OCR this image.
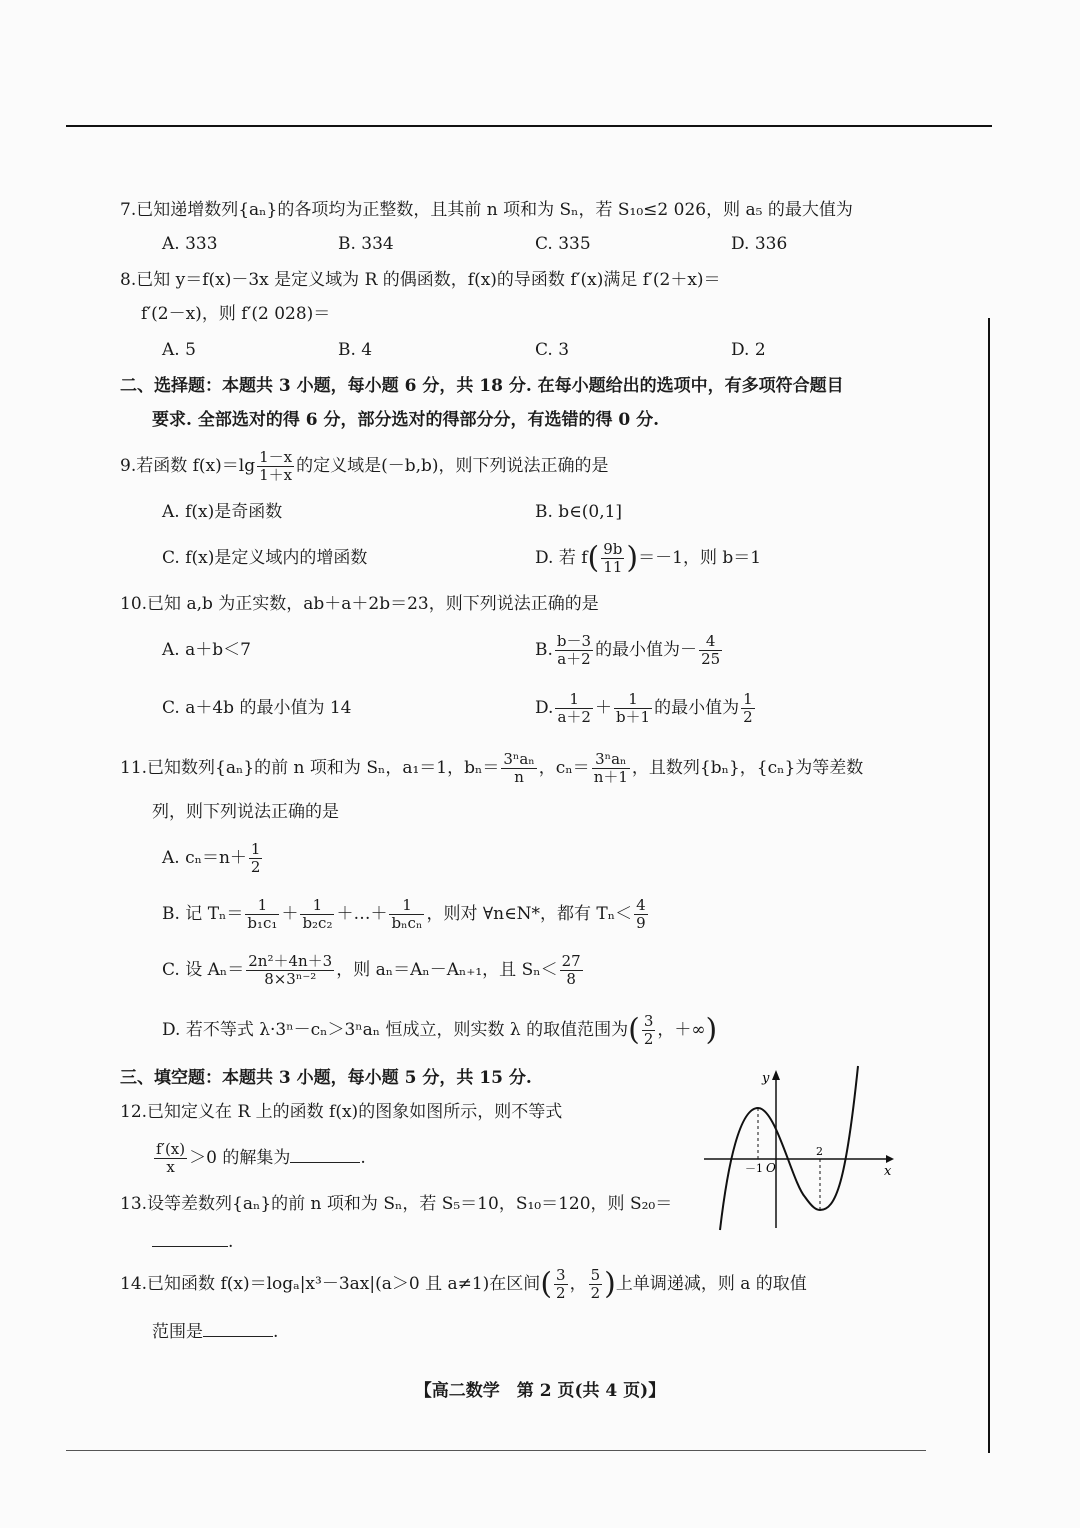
7.已知递增数列{aₙ}的各项均为正整数，且其前 n 项和为 Sₙ，若 S₁₀≤2 026，则 a₅ 的最大值为
A. 333	B. 334	C. 335	D. 336
8.已知 y＝f(x)－3x 是定义域为 R 的偶函数，f(x)的导函数 f′(x)满足 f′(2＋x)＝
f′(2－x)，则 f′(2 028)＝
A. 5	B. 4	C. 3	D. 2
二、选择题：本题共 3 小题，每小题 6 分，共 18 分. 在每小题给出的选项中，有多项符合题目
要求. 全部选对的得 6 分，部分选对的得部分分，有选错的得 0 分.
9.若函数 $f(x)=\lg \frac{1-x}{1+x}$ 的定义域是(－b,b)，则下列说法正确的是
A. f(x)是奇函数	B. b∈(0,1]
C. f(x)是定义域内的增函数	D. 若 $f( \frac{9b}{11} )=-1$，则 b＝1
10.已知 a,b 为正实数，ab＋a＋2b＝23，则下列说法正确的是
A. a＋b＜7	B. $\frac{b-3}{a+2}$ 的最小值为－ $\frac{4}{25}$
C. a＋4b 的最小值为 14	D. $\frac{1}{a+2} + \frac{1}{b+1}$ 的最小值为 $\frac{1}{2}$
11.已知数列{aₙ}的前 n 项和为 Sₙ，a₁＝1，$b_n= \frac{\text{3ⁿaₙ}}{n}$ ，$c_n= \frac{\text{3ⁿaₙ}}{n+1}$ ，且数列{bₙ}，{cₙ}为等差数
列，则下列说法正确的是
A. $c_n=n+ \frac{1}{2}$
B. 记 $T_n= \frac{1}{\text{b₁c₁}} + \frac{1}{\text{b₂c₂}}$ ＋…＋ $\frac{1}{\text{bₙcₙ}}$ ，则对 ∀n∈N*，都有 $T_n< \frac{4}{9}$
C. 设 $A_n= \frac{\text{2n²＋4n＋3}}{\text{8×3ⁿ⁻²}}$ ，则 aₙ＝Aₙ－Aₙ₊₁，且 $S_n< \frac{27}{8}$
D. 若不等式 λ·3ⁿ－cₙ＞3ⁿaₙ 恒成立，则实数 λ 的取值范围为( $\frac{3}{2}$ ，＋∞)
三、填空题：本题共 3 小题，每小题 5 分，共 15 分.
12.已知定义在 R 上的函数 f(x)的图象如图所示，则不等式
$\frac{f'(x)}{x} >0$ 的解集为	.
y
x
O
－1
2
13.设等差数列{aₙ}的前 n 项和为 Sₙ，若 S₅＝10，S₁₀＝120，则 S₂₀＝
.
14.已知函数 f(x)＝logₐ|x³－3ax|(a＞0 且 a≠1)在区间( $\frac{3}{2}$ ， $\frac{5}{2}$ )上单调递减，则 a 的取值
范围是	.
【高二数学　第 2 页(共 4 页)】
